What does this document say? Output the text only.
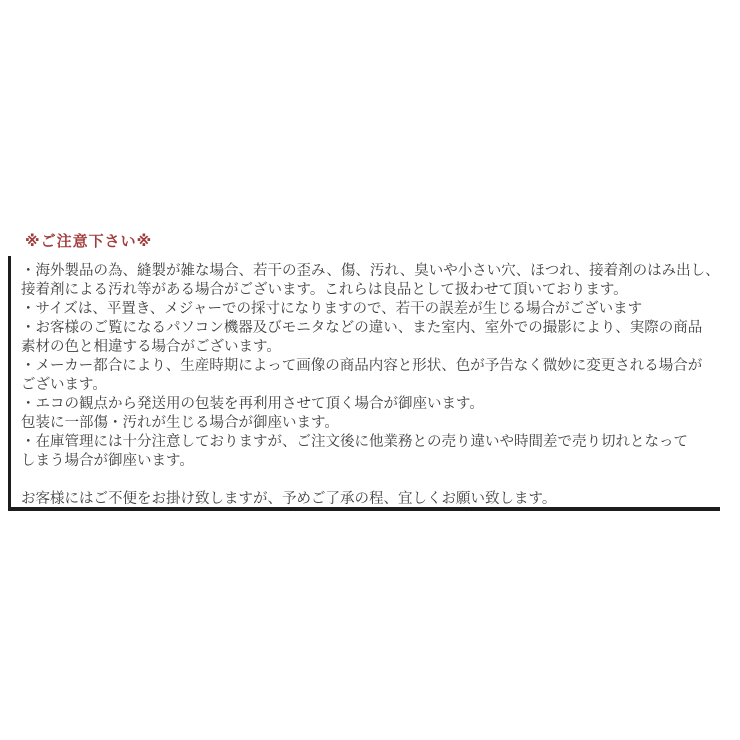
※ご注意下さい※
・海外製品の為、縫製が雑な場合、若干の歪み、傷、汚れ、臭いや小さい穴、ほつれ、接着剤のはみ出し、
接着剤による汚れ等がある場合がございます。これらは良品として扱わせて頂いております。
・サイズは、平置き、メジャーでの採寸になりますので、若干の誤差が生じる場合がございます
・お客様のご覧になるパソコン機器及びモニタなどの違い、また室内、室外での撮影により、実際の商品
素材の色と相違する場合がございます。
・メーカー都合により、生産時期によって画像の商品内容と形状、色が予告なく微妙に変更される場合が
ございます。
・エコの観点から発送用の包装を再利用させて頂く場合が御座います。
包装に一部傷・汚れが生じる場合が御座います。
・在庫管理には十分注意しておりますが、ご注文後に他業務との売り違いや時間差で売り切れとなって
しまう場合が御座います。
お客様にはご不便をお掛け致しますが、予めご了承の程、宜しくお願い致します。
